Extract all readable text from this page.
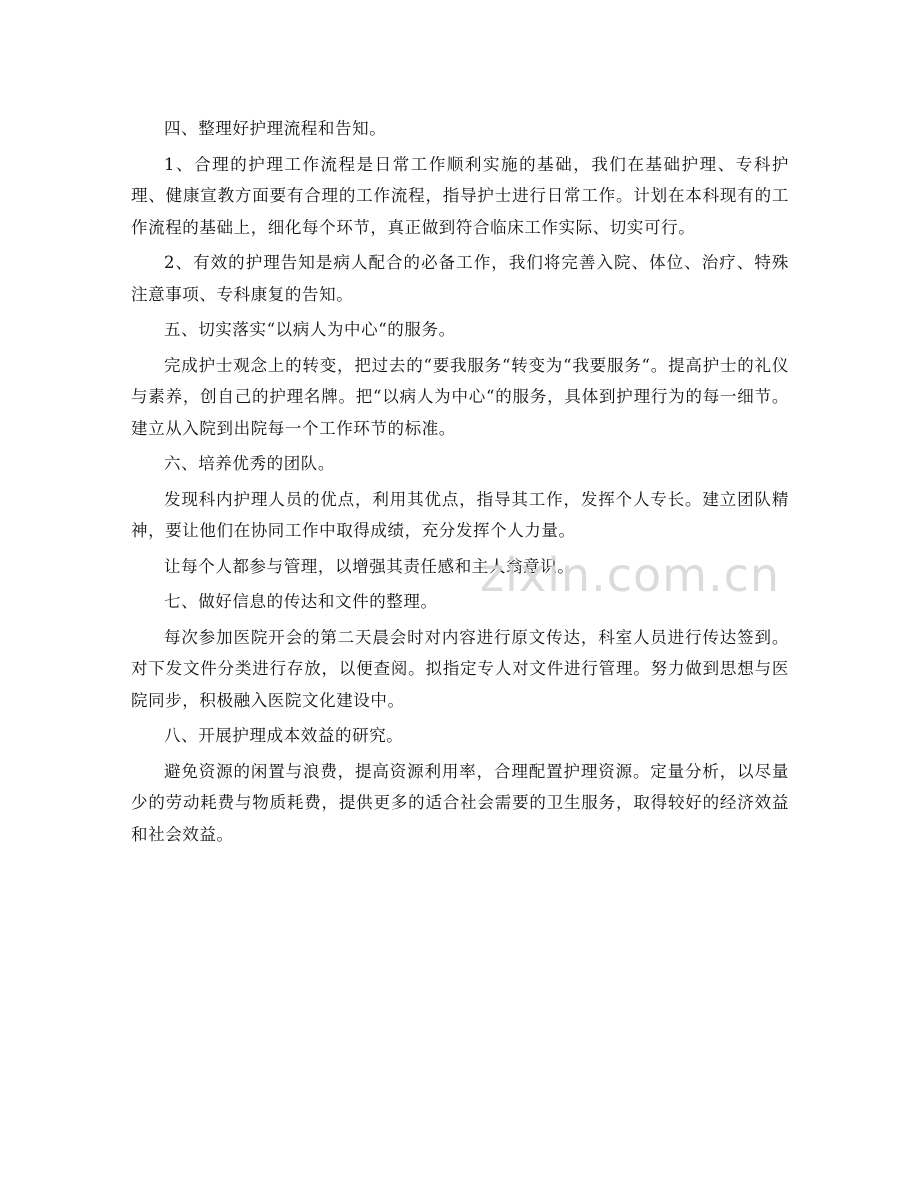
四、整理好护理流程和告知。

1、合理的护理工作流程是日常工作顺利实施的基础，我们在基础护理、专科护理、健康宣教方面要有合理的工作流程，指导护士进行日常工作。计划在本科现有的工作流程的基础上，细化每个环节，真正做到符合临床工作实际、切实可行。

2、有效的护理告知是病人配合的必备工作，我们将完善入院、体位、治疗、特殊注意事项、专科康复的告知。

五、切实落实“以病人为中心“的服务。

完成护士观念上的转变，把过去的“要我服务“转变为“我要服务“。提高护士的礼仪与素养，创自己的护理名牌。把“以病人为中心“的服务，具体到护理行为的每一细节。建立从入院到出院每一个工作环节的标准。

六、培养优秀的团队。

发现科内护理人员的优点，利用其优点，指导其工作，发挥个人专长。建立团队精神，要让他们在协同工作中取得成绩，充分发挥个人力量。

让每个人都参与管理，以增强其责任感和主人翁意识。

七、做好信息的传达和文件的整理。

每次参加医院开会的第二天晨会时对内容进行原文传达，科室人员进行传达签到。对下发文件分类进行存放，以便查阅。拟指定专人对文件进行管理。努力做到思想与医院同步，积极融入医院文化建设中。

八、开展护理成本效益的研究。

避免资源的闲置与浪费，提高资源利用率，合理配置护理资源。定量分析，以尽量少的劳动耗费与物质耗费，提供更多的适合社会需要的卫生服务，取得较好的经济效益和社会效益。

zixin.com.cn
